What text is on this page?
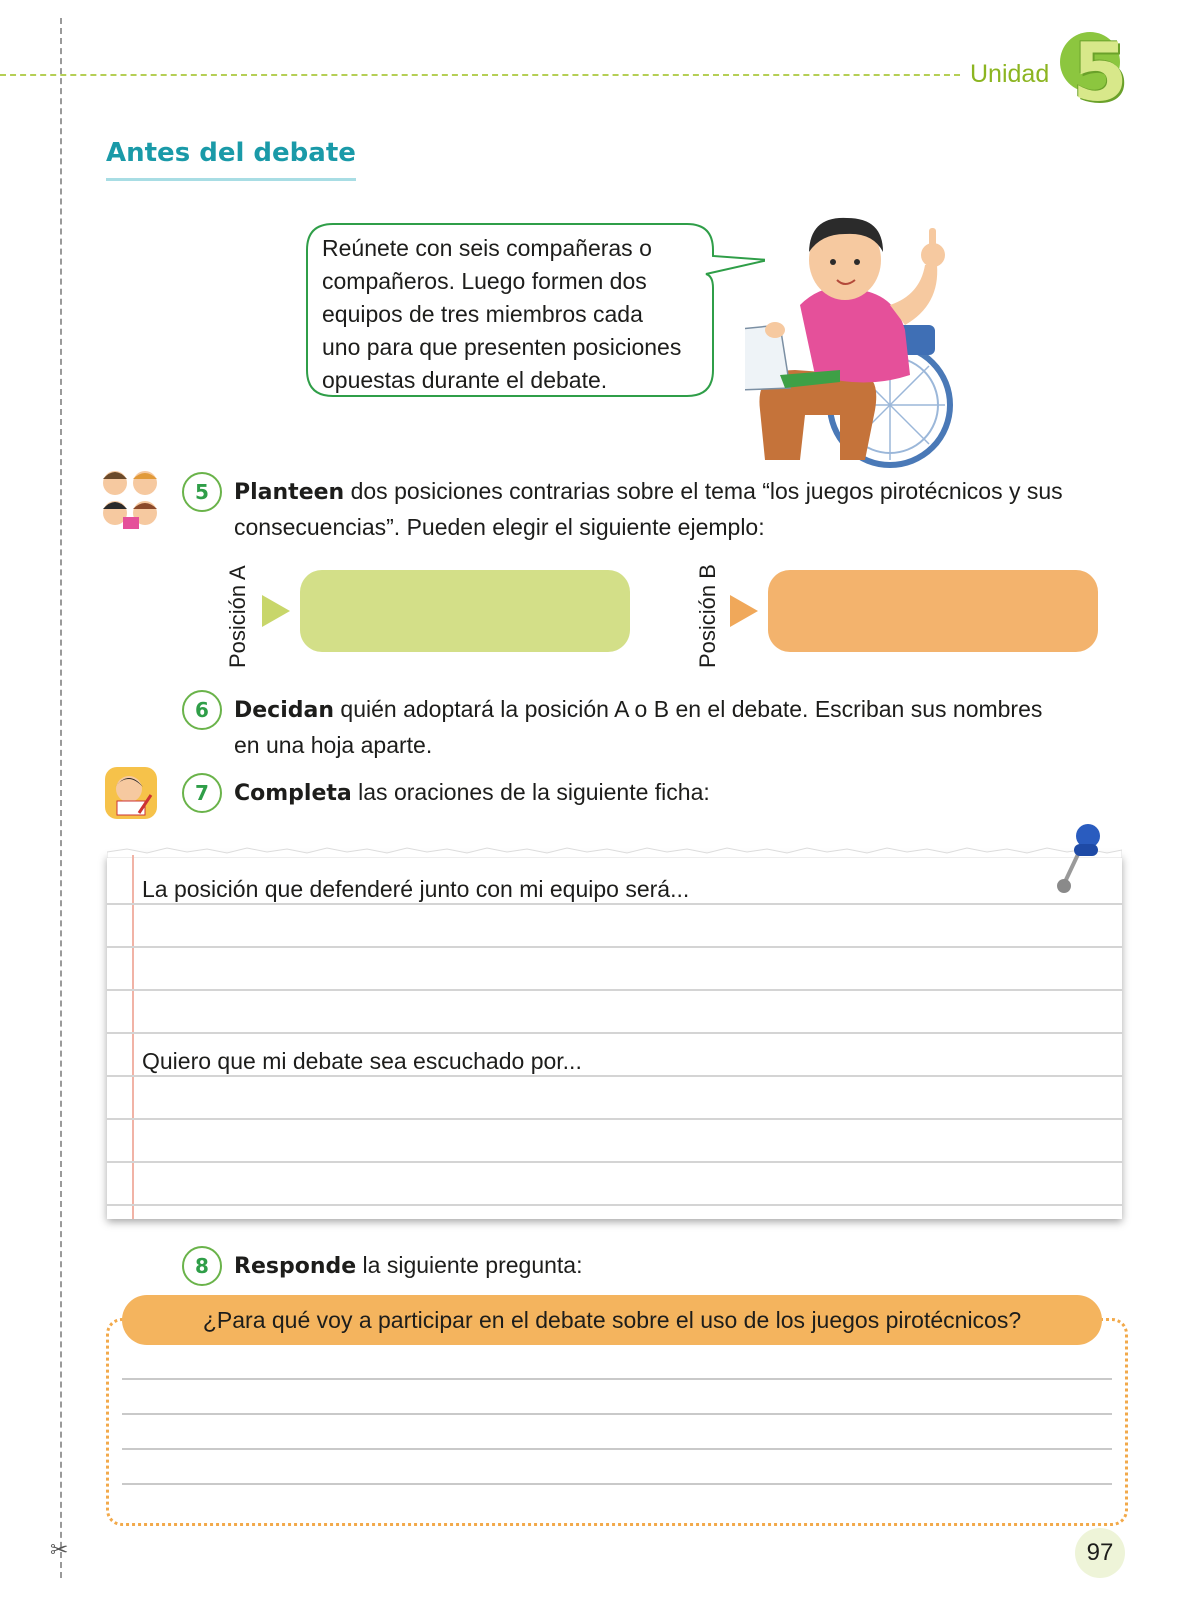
✂
Unidad 5
Antes del debate
Reúnete con seis compañeras o
compañeros. Luego formen dos
equipos de tres miembros cada
uno para que presenten posiciones
opuestas durante el debate.
5	Planteen dos posiciones contrarias sobre el tema “los juegos pirotécnicos y sus
consecuencias”. Pueden elegir el siguiente ejemplo:
Posición A	Posición B
6	Decidan quién adoptará la posición A o B en el debate. Escriban sus nombres
en una hoja aparte.
7	Completa las oraciones de la siguiente ficha:
La posición que defenderé junto con mi equipo será...
Quiero que mi debate sea escuchado por...
8	Responde la siguiente pregunta:
¿Para qué voy a participar en el debate sobre el uso de los juegos pirotécnicos?
97
